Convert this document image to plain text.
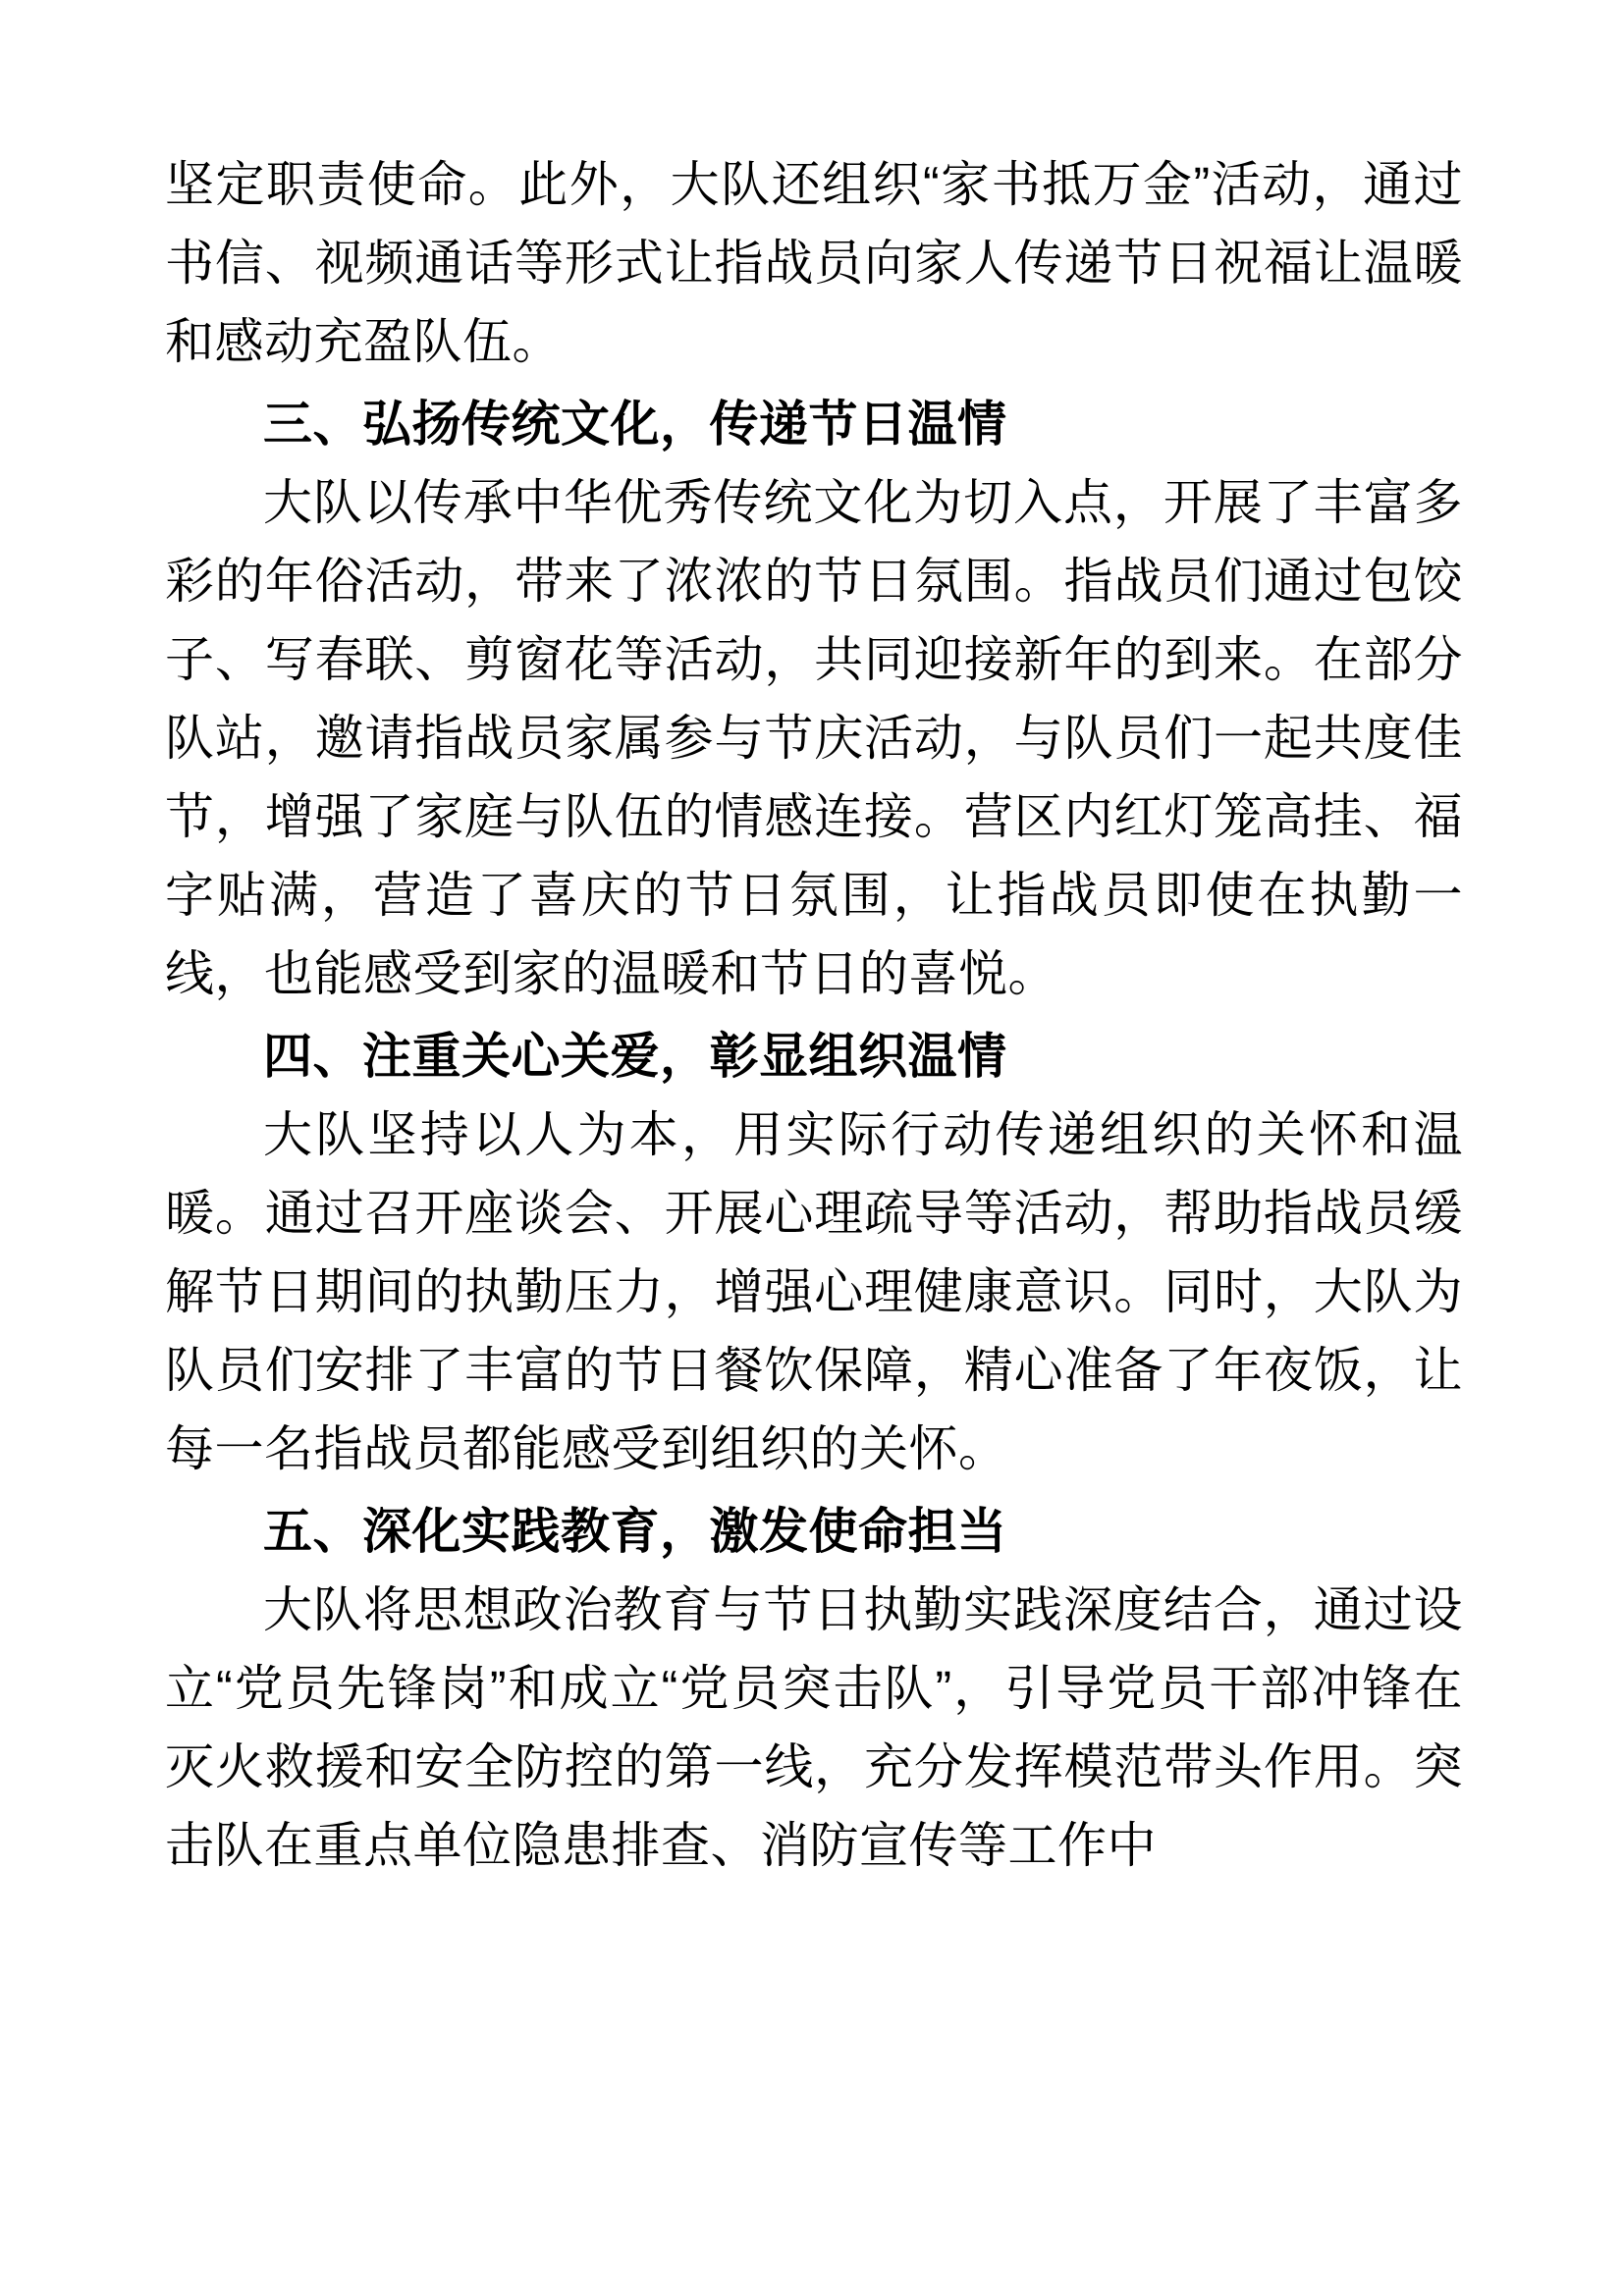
坚定职责使命。此外，大队还组织“家书抵万金”活动，通过书信、视频通话等形式让指战员向家人传递节日祝福让温暖和感动充盈队伍。

三、弘扬传统文化，传递节日温情

大队以传承中华优秀传统文化为切入点，开展了丰富多彩的年俗活动，带来了浓浓的节日氛围。指战员们通过包饺子、写春联、剪窗花等活动，共同迎接新年的到来。在部分队站，邀请指战员家属参与节庆活动，与队员们一起共度佳节，增强了家庭与队伍的情感连接。营区内红灯笼高挂、福字贴满，营造了喜庆的节日氛围，让指战员即使在执勤一线，也能感受到家的温暖和节日的喜悦。

四、注重关心关爱，彰显组织温情

大队坚持以人为本，用实际行动传递组织的关怀和温暖。通过召开座谈会、开展心理疏导等活动，帮助指战员缓解节日期间的执勤压力，增强心理健康意识。同时，大队为队员们安排了丰富的节日餐饮保障，精心准备了年夜饭，让每一名指战员都能感受到组织的关怀。

五、深化实践教育，激发使命担当

大队将思想政治教育与节日执勤实践深度结合，通过设立“党员先锋岗”和成立“党员突击队”，引导党员干部冲锋在灭火救援和安全防控的第一线，充分发挥模范带头作用。突击队在重点单位隐患排查、消防宣传等工作中
